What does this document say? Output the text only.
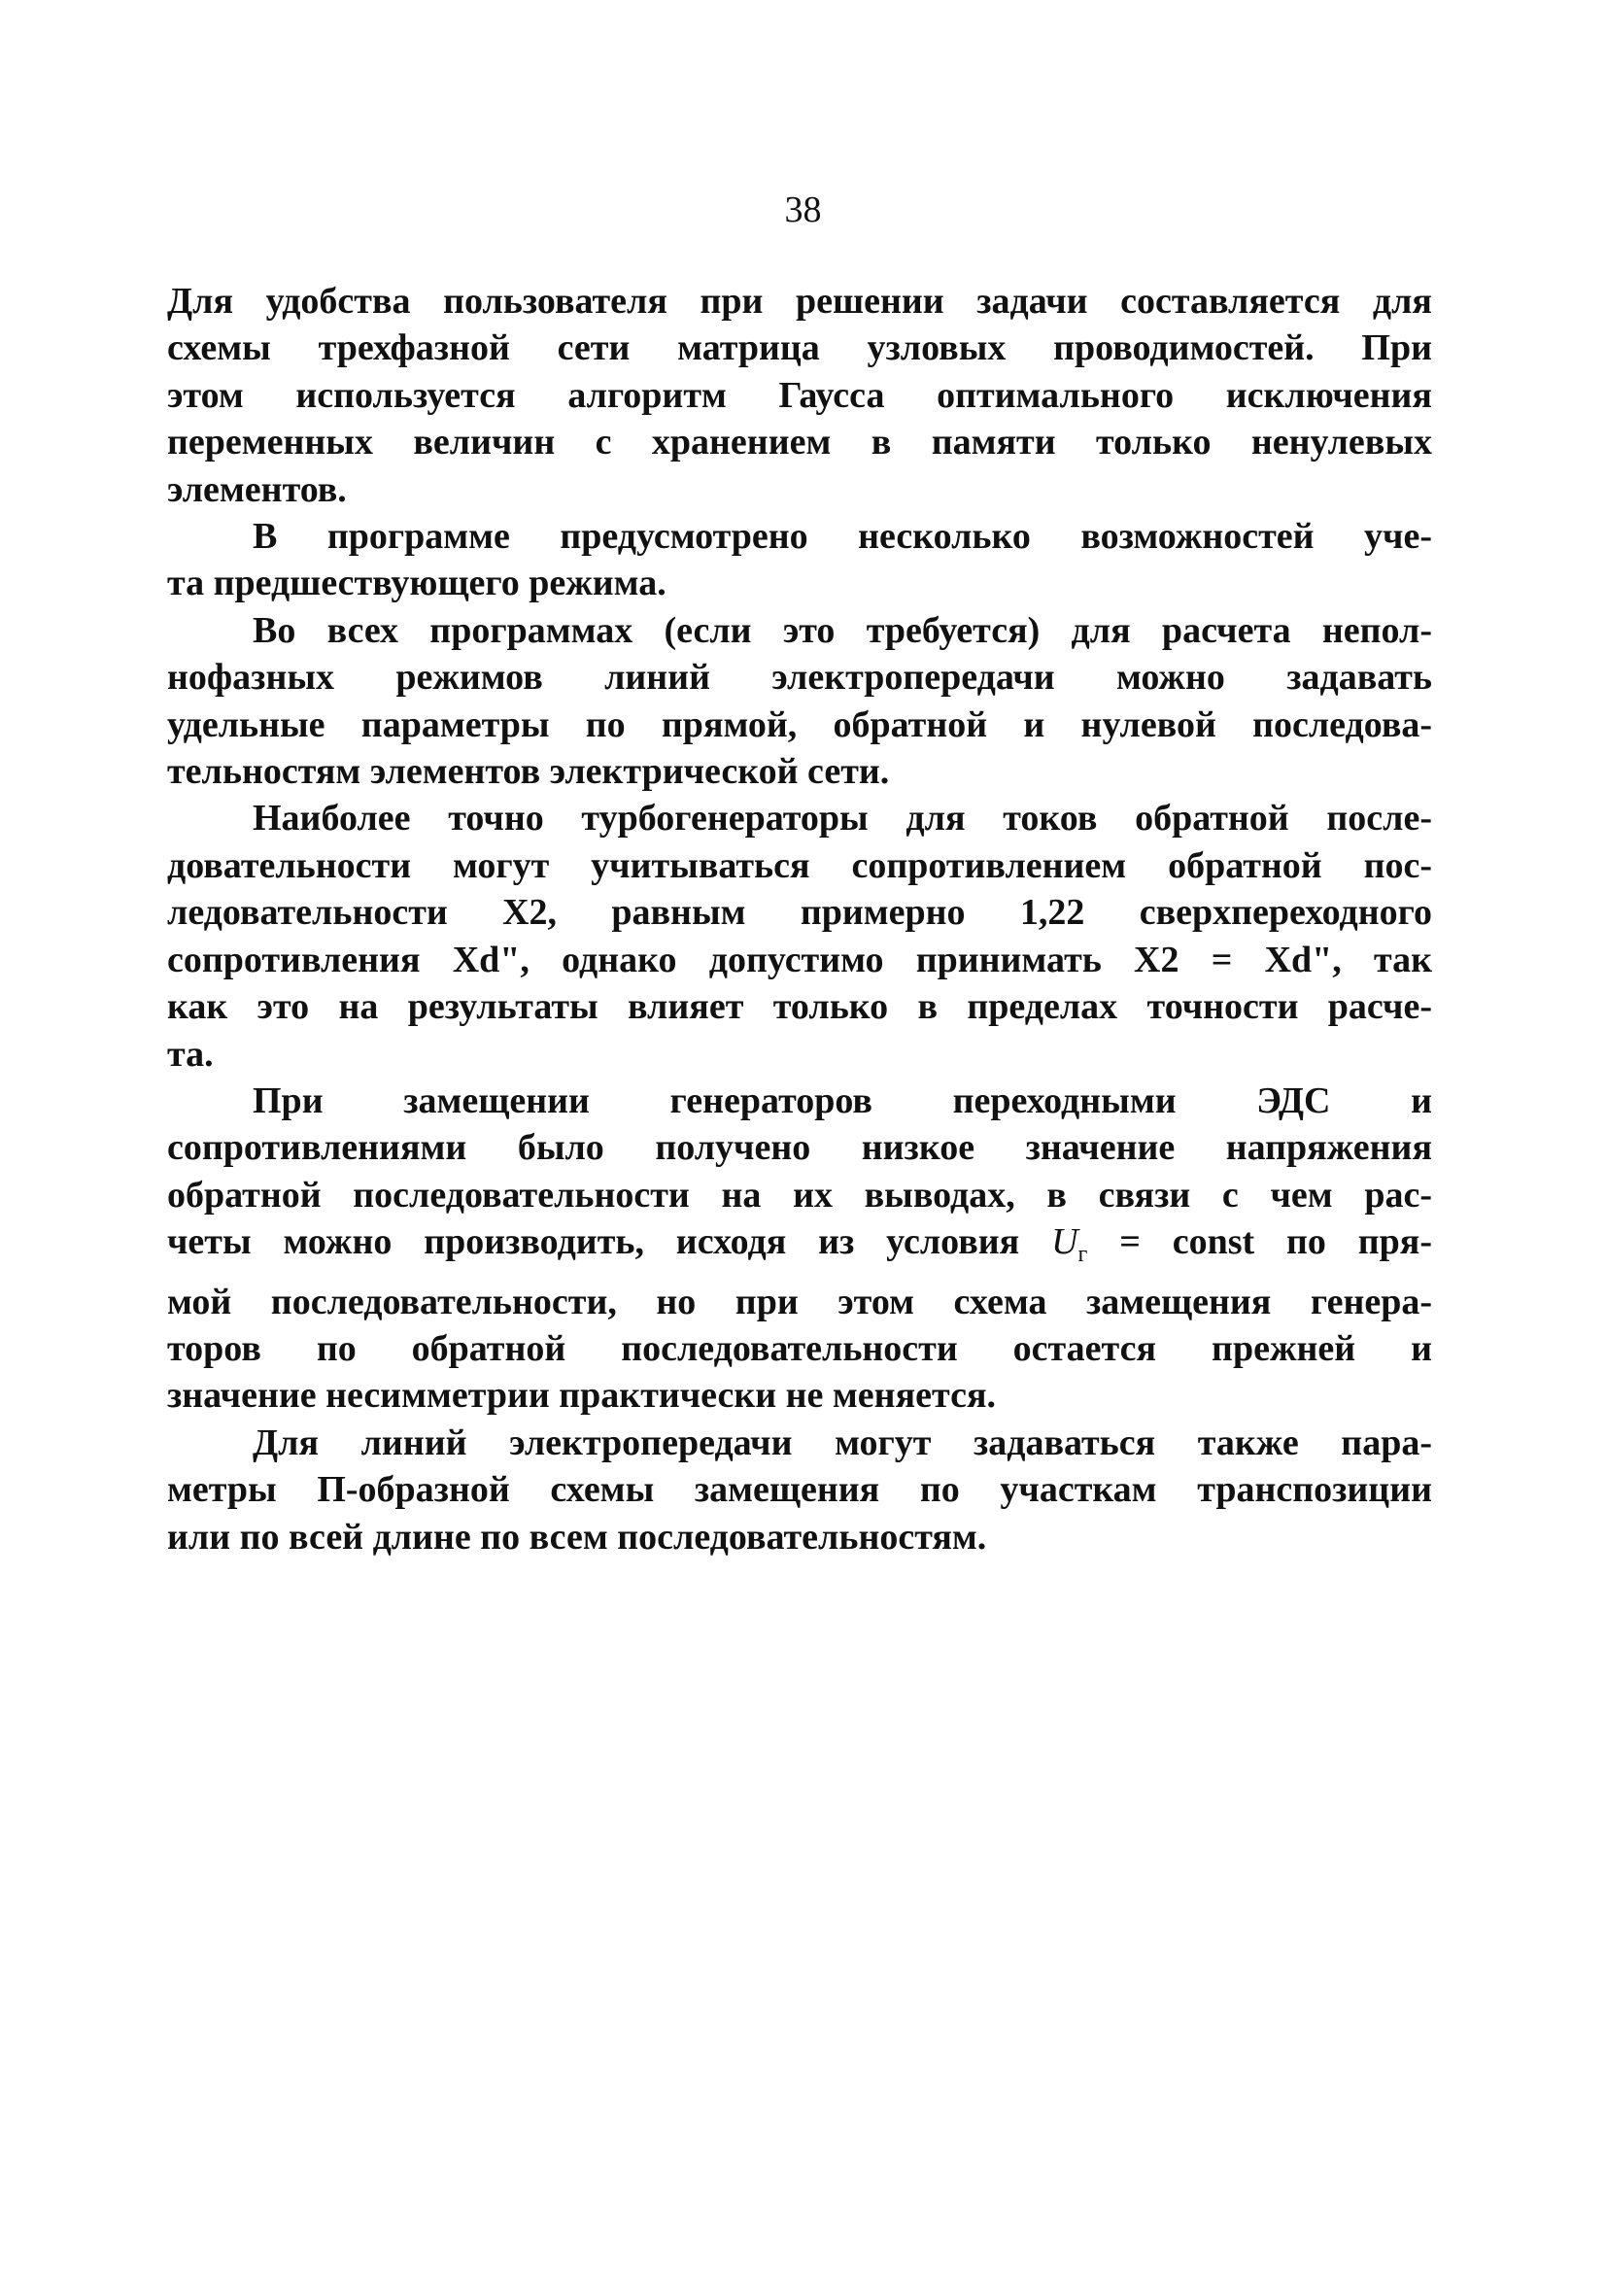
38

Для удобства пользователя при решении задачи составляется для
схемы трехфазной сети матрица узловых проводимостей. При
этом используется алгоритм Гаусса оптимального исключения
переменных величин с хранением в памяти только ненулевых
элементов.

В программе предусмотрено несколько возможностей уче-
та предшествующего режима.

Во всех программах (если это требуется) для расчета непол-
нофазных режимов линий электропередачи можно задавать
удельные параметры по прямой, обратной и нулевой последова-
тельностям элементов электрической сети.

Наиболее точно турбогенераторы для токов обратной после-
довательности могут учитываться сопротивлением обратной пос-
ледовательности X2, равным примерно 1,22 сверхпереходного
сопротивления Xd", однако допустимо принимать X2 = Xd", так
как это на результаты влияет только в пределах точности расче-
та.

При замещении генераторов переходными ЭДС и
сопротивлениями было получено низкое значение напряжения
обратной последовательности на их выводах, в связи с чем рас-
четы можно производить, исходя из условия $U_г$ = const по пря-
мой последовательности, но при этом схема замещения генера-
торов по обратной последовательности остается прежней и
значение несимметрии практически не меняется.

Для линий электропередачи могут задаваться также пара-
метры П-образной схемы замещения по участкам транспозиции
или по всей длине по всем последовательностям.
